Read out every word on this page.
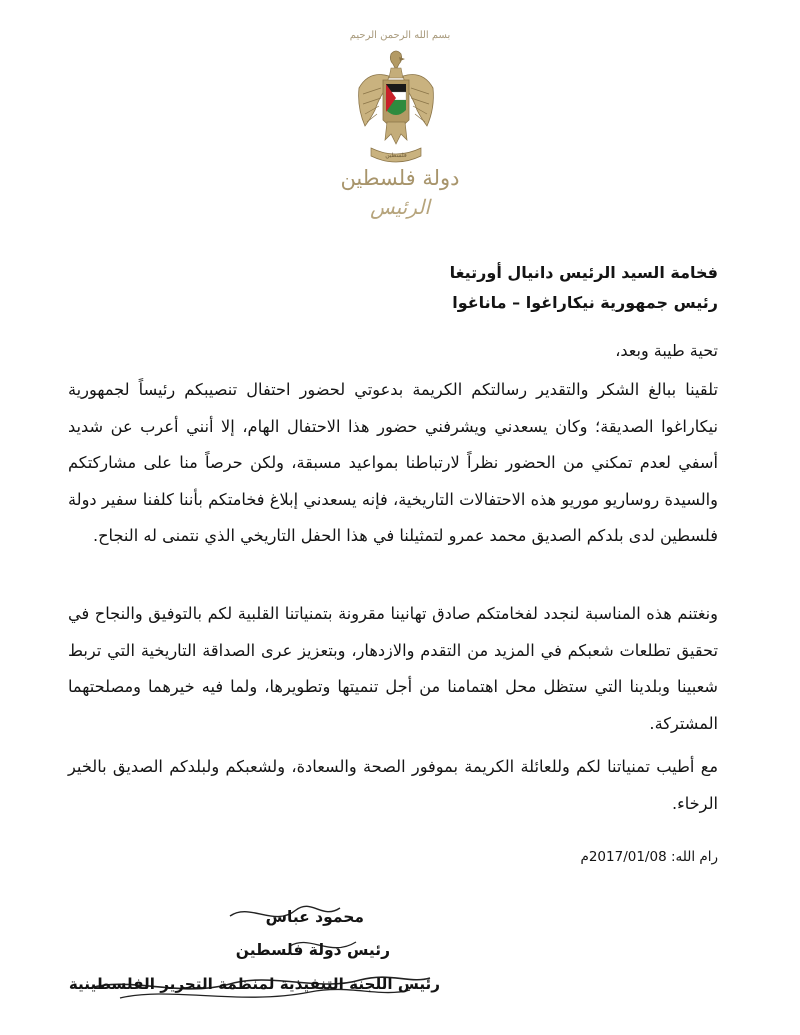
بسم الله الرحمن الرحيم
فلسطين
دولة فلسطين
الرئيس
فخامة السيد الرئيس دانيال أورتيغا
رئيس جمهورية نيكاراغوا – ماناغوا
تحية طيبة وبعد،
تلقينا ببالغ الشكر والتقدير رسالتكم الكريمة بدعوتي لحضور احتفال تنصيبكم رئيساً لجمهورية نيكاراغوا الصديقة؛ وكان يسعدني ويشرفني حضور هذا الاحتفال الهام، إلا أنني أعرب عن شديد أسفي لعدم تمكني من الحضور نظراً لارتباطنا بمواعيد مسبقة، ولكن حرصاً منا على مشاركتكم والسيدة روساريو موريو هذه الاحتفالات التاريخية، فإنه يسعدني إبلاغ فخامتكم بأننا كلفنا سفير دولة فلسطين لدى بلدكم الصديق محمد عمرو لتمثيلنا في هذا الحفل التاريخي الذي نتمنى له النجاح.
ونغتنم هذه المناسبة لنجدد لفخامتكم صادق تهانينا مقرونة بتمنياتنا القلبية لكم بالتوفيق والنجاح في تحقيق تطلعات شعبكم في المزيد من التقدم والازدهار، وبتعزيز عرى الصداقة التاريخية التي تربط شعبينا وبلدينا التي ستظل محل اهتمامنا من أجل تنميتها وتطويرها، ولما فيه خيرهما ومصلحتهما المشتركة.
مع أطيب تمنياتنا لكم وللعائلة الكريمة بموفور الصحة والسعادة، ولشعبكم ولبلدكم الصديق بالخير الرخاء.
رام الله: 2017/01/08م
محمود عباس
رئيس دولة فلسطين
رئيس اللجنة التنفيذية لمنظمة التحرير الفلسطينية
